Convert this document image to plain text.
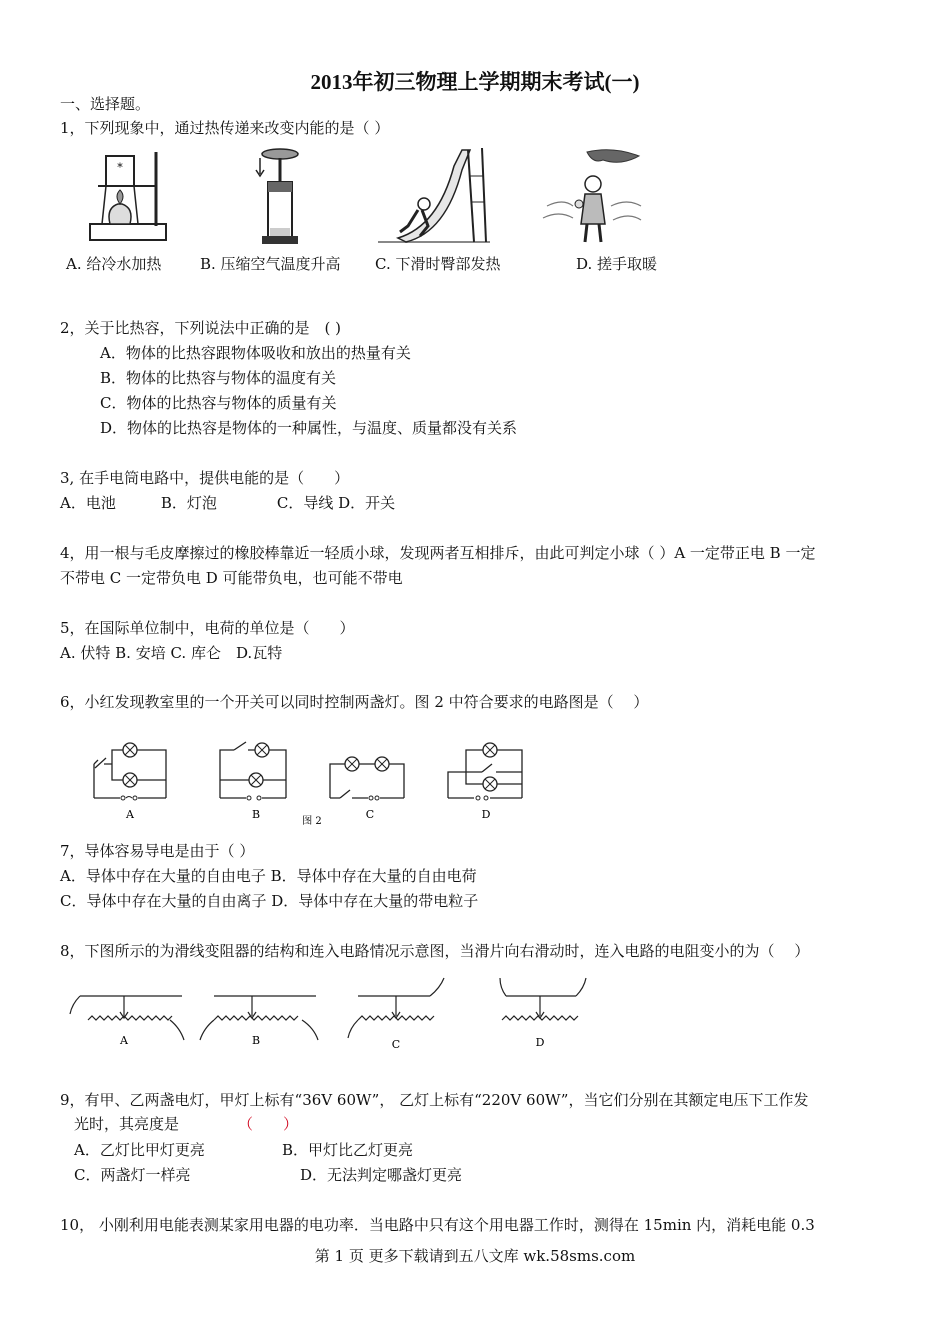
2013年初三物理上学期期末考试(一)
一、选择题。
1，下列现象中，通过热传递来改变内能的是（ ）
*
A. 给冷水加热	B. 压缩空气温度升高 C. 下滑时臀部发热	D. 搓手取暖
2，关于比热容，下列说法中正确的是　( )
A．物体的比热容跟物体吸收和放出的热量有关
B．物体的比热容与物体的温度有关
C．物体的比热容与物体的质量有关
D．物体的比热容是物体的一种属性，与温度、质量都没有关系
3, 在手电筒电路中，提供电能的是（　　）
A．电池　　　B．灯泡　　　　C．导线 D．开关
4，用一根与毛皮摩擦过的橡胶棒靠近一轻质小球，发现两者互相排斥，由此可判定小球（ ）A 一定带正电 B 一定
不带电 C 一定带负电 D 可能带负电，也可能不带电
5，在国际单位制中，电荷的单位是（　　）
A. 伏特 B. 安培 C. 库仑　D.瓦特
6，小红发现教室里的一个开关可以同时控制两盏灯。图 2 中符合要求的电路图是（　 ）
A	B
图 2
C	D
7，导体容易导电是由于（ ）
A．导体中存在大量的自由电子 B．导体中存在大量的自由电荷
C．导体中存在大量的自由离子 D．导体中存在大量的带电粒子
8，下图所示的为滑线变阻器的结构和连入电路情况示意图，当滑片向右滑动时，连入电路的电阻变小的为（　 ）
A	B	C	D
9，有甲、乙两盏电灯，甲灯上标有“36V 60W”， 乙灯上标有“220V 60W”，当它们分别在其额定电压下工作发
光时，其亮度是	（　　）
A．乙灯比甲灯更亮	B．甲灯比乙灯更亮
C．两盏灯一样亮	D．无法判定哪盏灯更亮
10， 小刚利用电能表测某家用电器的电功率．当电路中只有这个用电器工作时，测得在 15min 内，消耗电能 0.3
第 1 页 更多下载请到五八文库 wk.58sms.com
